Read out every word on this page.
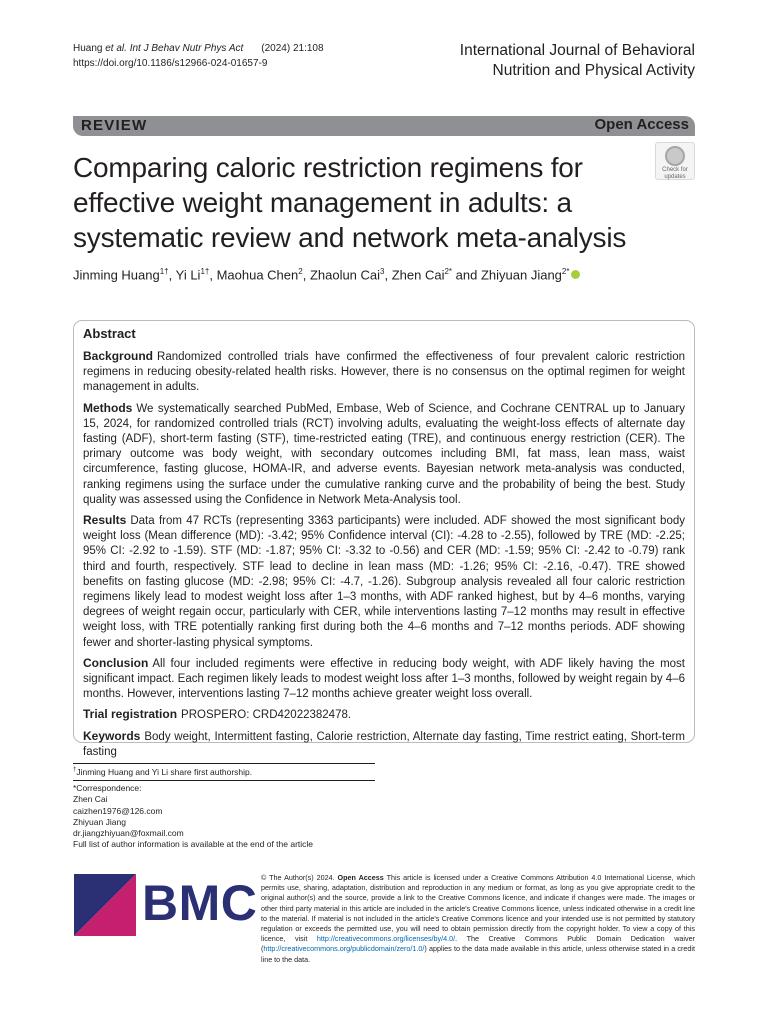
Huang et al. Int J Behav Nutr Phys Act (2024) 21:108
https://doi.org/10.1186/s12966-024-01657-9
International Journal of Behavioral Nutrition and Physical Activity
REVIEW	Open Access
Check for updates
Comparing caloric restriction regimens for effective weight management in adults: a systematic review and network meta-analysis
Jinming Huang$^{1\dagger}$, Yi $Li^{1\dagger}$, Maohua Chen$^2$, Zhaolun Cai$^3$, Zhen Cai$^{2*}$ and Zhiyuan Jiang$^{2*}$
Abstract

Background Randomized controlled trials have confirmed the effectiveness of four prevalent caloric restriction regimens in reducing obesity-related health risks. However, there is no consensus on the optimal regimen for weight management in adults.

Methods We systematically searched PubMed, Embase, Web of Science, and Cochrane CENTRAL up to January 15, 2024, for randomized controlled trials (RCT) involving adults, evaluating the weight-loss effects of alternate day fasting (ADF), short-term fasting (STF), time-restricted eating (TRE), and continuous energy restriction (CER). The primary outcome was body weight, with secondary outcomes including BMI, fat mass, lean mass, waist circumference, fasting glucose, HOMA-IR, and adverse events. Bayesian network meta-analysis was conducted, ranking regimens using the surface under the cumulative ranking curve and the probability of being the best. Study quality was assessed using the Confidence in Network Meta-Analysis tool.

Results Data from 47 RCTs (representing 3363 participants) were included. ADF showed the most significant body weight loss (Mean difference (MD): -3.42; 95% Confidence interval (CI): -4.28 to -2.55), followed by TRE (MD: -2.25; 95% CI: -2.92 to -1.59). STF (MD: -1.87; 95% CI: -3.32 to -0.56) and CER (MD: -1.59; 95% CI: -2.42 to -0.79) rank third and fourth, respectively. STF lead to decline in lean mass (MD: -1.26; 95% CI: -2.16, -0.47). TRE showed benefits on fasting glucose (MD: -2.98; 95% CI: -4.7, -1.26). Subgroup analysis revealed all four caloric restriction regimens likely lead to modest weight loss after 1–3 months, with ADF ranked highest, but by 4–6 months, varying degrees of weight regain occur, particularly with CER, while interventions lasting 7–12 months may result in effective weight loss, with TRE potentially ranking first during both the 4–6 months and 7–12 months periods. ADF showing fewer and shorter-lasting physical symptoms.

Conclusion All four included regiments were effective in reducing body weight, with ADF likely having the most significant impact. Each regimen likely leads to modest weight loss after 1–3 months, followed by weight regain by 4–6 months. However, interventions lasting 7–12 months achieve greater weight loss overall.

Trial registration PROSPERO: CRD42022382478.

Keywords Body weight, Intermittent fasting, Calorie restriction, Alternate day fasting, Time restrict eating, Short-term fasting

†Jinming Huang and Yi Li share first authorship.
*Correspondence:
Zhen Cai
caizhen1976@126.com
Zhiyuan Jiang
dr.jiangzhiyuan@foxmail.com
Full list of author information is available at the end of the article
BMC © The Author(s) 2024. Open Access This article is licensed under a Creative Commons Attribution 4.0 International License, which permits use, sharing, adaptation, distribution and reproduction in any medium or format, as long as you give appropriate credit to the original author(s) and the source, provide a link to the Creative Commons licence, and indicate if changes were made. The images or other third party material in this article are included in the article's Creative Commons licence, unless indicated otherwise in a credit line to the material. If material is not included in the article's Creative Commons licence and your intended use is not permitted by statutory regulation or exceeds the permitted use, you will need to obtain permission directly from the copyright holder. To view a copy of this licence, visit http://creativecommons.org/licenses/by/4.0/. The Creative Commons Public Domain Dedication waiver (http://creativecommons.org/publicdomain/zero/1.0/) applies to the data made available in this article, unless otherwise stated in a credit line to the data.
